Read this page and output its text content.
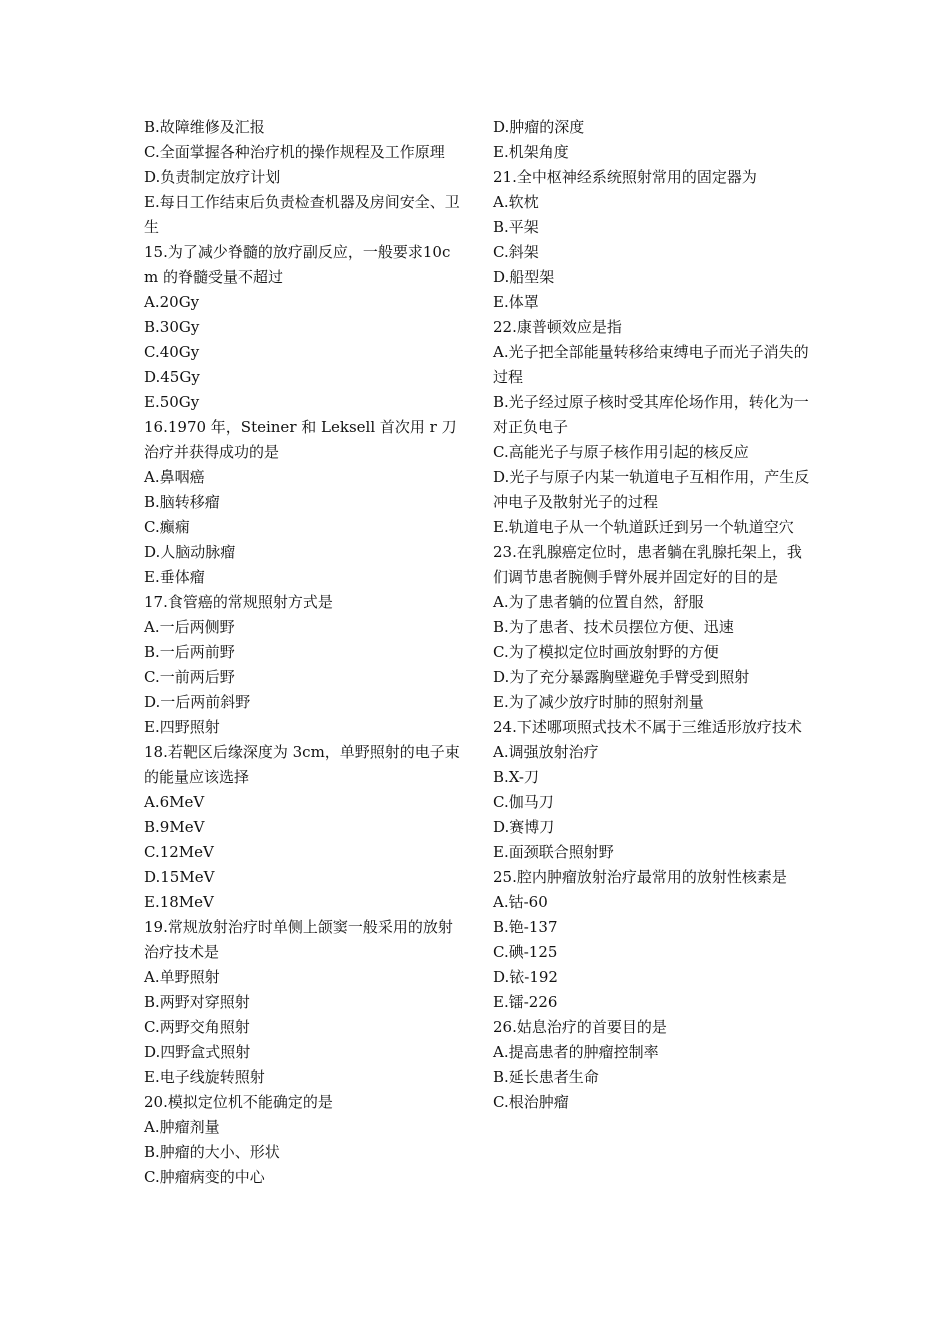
B.故障维修及汇报

C.全面掌握各种治疗机的操作规程及工作原理

D.负责制定放疗计划

E.每日工作结束后负责检查机器及房间安全、卫生

15.为了减少脊髓的放疗副反应，一般要求10cm 的脊髓受量不超过

A.20Gy

B.30Gy

C.40Gy

D.45Gy

E.50Gy

16.1970 年，Steiner 和 Leksell 首次用 r 刀治疗并获得成功的是

A.鼻咽癌

B.脑转移瘤

C.癫痫

D.人脑动脉瘤

E.垂体瘤

17.食管癌的常规照射方式是

A.一后两侧野

B.一后两前野

C.一前两后野

D.一后两前斜野

E.四野照射

18.若靶区后缘深度为 3cm，单野照射的电子束的能量应该选择

A.6MeV

B.9MeV

C.12MeV

D.15MeV

E.18MeV

19.常规放射治疗时单侧上颌窦一般采用的放射治疗技术是

A.单野照射

B.两野对穿照射

C.两野交角照射

D.四野盒式照射

E.电子线旋转照射

20.模拟定位机不能确定的是

A.肿瘤剂量

B.肿瘤的大小、形状

C.肿瘤病变的中心

D.肿瘤的深度

E.机架角度

21.全中枢神经系统照射常用的固定器为

A.软枕

B.平架

C.斜架

D.船型架

E.体罩

22.康普顿效应是指

A.光子把全部能量转移给束缚电子而光子消失的过程

B.光子经过原子核时受其库伦场作用，转化为一对正负电子

C.高能光子与原子核作用引起的核反应

D.光子与原子内某一轨道电子互相作用，产生反冲电子及散射光子的过程

E.轨道电子从一个轨道跃迁到另一个轨道空穴

23.在乳腺癌定位时，患者躺在乳腺托架上，我们调节患者腕侧手臂外展并固定好的目的是

A.为了患者躺的位置自然，舒服

B.为了患者、技术员摆位方便、迅速

C.为了模拟定位时画放射野的方便

D.为了充分暴露胸壁避免手臂受到照射

E.为了减少放疗时肺的照射剂量

24.下述哪项照式技术不属于三维适形放疗技术

A.调强放射治疗

B.X-刀

C.伽马刀

D.赛博刀

E.面颈联合照射野

25.腔内肿瘤放射治疗最常用的放射性核素是

A.钴-60

B.铯-137

C.碘-125

D.铱-192

E.镭-226

26.姑息治疗的首要目的是

A.提高患者的肿瘤控制率

B.延长患者生命

C.根治肿瘤
